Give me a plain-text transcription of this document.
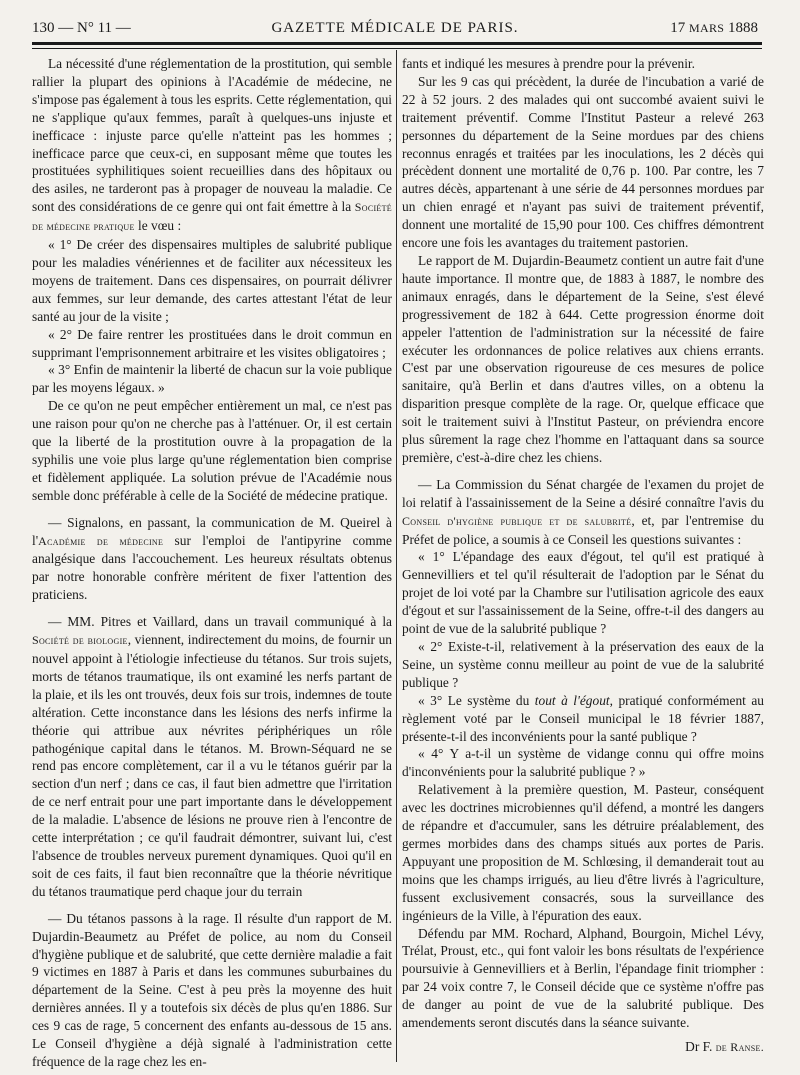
130 — N° 11 —	GAZETTE MÉDICALE DE PARIS.	17 MARS 1888

La nécessité d'une réglementation de la prostitution, qui semble rallier la plupart des opinions à l'Académie de médecine, ne s'impose pas également à tous les esprits. Cette réglementation, qui ne s'applique qu'aux femmes, paraît à quelques-uns injuste et inefficace : injuste parce qu'elle n'atteint pas les hommes ; inefficace parce que ceux-ci, en supposant même que toutes les prostituées syphilitiques soient recueillies dans des hôpitaux ou des asiles, ne tarderont pas à propager de nouveau la maladie. Ce sont des considérations de ce genre qui ont fait émettre à la Société de médecine pratique le vœu :

« 1° De créer des dispensaires multiples de salubrité publique pour les maladies vénériennes et de faciliter aux nécessiteux les moyens de traitement. Dans ces dispensaires, on pourrait délivrer aux femmes, sur leur demande, des cartes attestant l'état de leur santé au jour de la visite ;

« 2° De faire rentrer les prostituées dans le droit commun en supprimant l'emprisonnement arbitraire et les visites obligatoires ;

« 3° Enfin de maintenir la liberté de chacun sur la voie publique par les moyens légaux. »

De ce qu'on ne peut empêcher entièrement un mal, ce n'est pas une raison pour qu'on ne cherche pas à l'atténuer. Or, il est certain que la liberté de la prostitution ouvre à la propagation de la syphilis une voie plus large qu'une réglementation bien comprise et fidèlement appliquée. La solution prévue de l'Académie nous semble donc préférable à celle de la Société de médecine pratique.

— Signalons, en passant, la communication de M. Queirel à l'Académie de médecine sur l'emploi de l'antipyrine comme analgésique dans l'accouchement. Les heureux résultats obtenus par notre honorable confrère méritent de fixer l'attention des praticiens.

— MM. Pitres et Vaillard, dans un travail communiqué à la Société de biologie, viennent, indirectement du moins, de fournir un nouvel appoint à l'étiologie infectieuse du tétanos. Sur trois sujets, morts de tétanos traumatique, ils ont examiné les nerfs partant de la plaie, et ils les ont trouvés, deux fois sur trois, indemnes de toute altération. Cette inconstance dans les lésions des nerfs infirme la théorie qui attribue aux névrites périphériques un rôle pathogénique capital dans le tétanos. M. Brown-Séquard ne se rend pas encore complètement, car il a vu le tétanos guérir par la section d'un nerf ; dans ce cas, il faut bien admettre que l'irritation de ce nerf entrait pour une part importante dans le développement de la maladie. L'absence de lésions ne prouve rien à l'encontre de cette interprétation ; ce qu'il faudrait démontrer, suivant lui, c'est l'absence de troubles nerveux purement dynamiques. Quoi qu'il en soit de ces faits, il faut bien reconnaître que la théorie névritique du tétanos traumatique perd chaque jour du terrain

— Du tétanos passons à la rage. Il résulte d'un rapport de M. Dujardin-Beaumetz au Préfet de police, au nom du Conseil d'hygiène publique et de salubrité, que cette dernière maladie a fait 9 victimes en 1887 à Paris et dans les communes suburbaines du département de la Seine. C'est à peu près la moyenne des huit dernières années. Il y a toutefois six décès de plus qu'en 1886. Sur ces 9 cas de rage, 5 concernent des enfants au-dessous de 15 ans. Le Conseil d'hygiène a déjà signalé à l'administration cette fréquence de la rage chez les en-

fants et indiqué les mesures à prendre pour la prévenir.

Sur les 9 cas qui précèdent, la durée de l'incubation a varié de 22 à 52 jours. 2 des malades qui ont succombé avaient suivi le traitement préventif. Comme l'Institut Pasteur a relevé 263 personnes du département de la Seine mordues par des chiens reconnus enragés et traitées par les inoculations, les 2 décès qui précèdent donnent une mortalité de 0,76 p. 100. Par contre, les 7 autres décès, appartenant à une série de 44 personnes mordues par un chien enragé et n'ayant pas suivi de traitement préventif, donnent une mortalité de 15,90 pour 100. Ces chiffres démontrent encore une fois les avantages du traitement pastorien.

Le rapport de M. Dujardin-Beaumetz contient un autre fait d'une haute importance. Il montre que, de 1883 à 1887, le nombre des animaux enragés, dans le département de la Seine, s'est élevé progressivement de 182 à 644. Cette progression énorme doit appeler l'attention de l'administration sur la nécessité de faire exécuter les ordonnances de police relatives aux chiens errants. C'est par une observation rigoureuse de ces mesures de police sanitaire, qu'à Berlin et dans d'autres villes, on a obtenu la disparition presque complète de la rage. Or, quelque efficace que soit le traitement suivi à l'Institut Pasteur, on préviendra encore plus sûrement la rage chez l'homme en l'attaquant dans sa source première, c'est-à-dire chez les chiens.

— La Commission du Sénat chargée de l'examen du projet de loi relatif à l'assainissement de la Seine a désiré connaître l'avis du Conseil d'hygiène publique et de salubrité, et, par l'entremise du Préfet de police, a soumis à ce Conseil les questions suivantes :

« 1° L'épandage des eaux d'égout, tel qu'il est pratiqué à Gennevilliers et tel qu'il résulterait de l'adoption par le Sénat du projet de loi voté par la Chambre sur l'utilisation agricole des eaux d'égout et sur l'assainissement de la Seine, offre-t-il des dangers au point de vue de la salubrité publique ?

« 2° Existe-t-il, relativement à la préservation des eaux de la Seine, un système connu meilleur au point de vue de la salubrité publique ?

« 3° Le système du tout à l'égout, pratiqué conformément au règlement voté par le Conseil municipal le 18 février 1887, présente-t-il des inconvénients pour la santé publique ?

« 4° Y a-t-il un système de vidange connu qui offre moins d'inconvénients pour la salubrité publique ? »

Relativement à la première question, M. Pasteur, conséquent avec les doctrines microbiennes qu'il défend, a montré les dangers de répandre et d'accumuler, sans les détruire préalablement, des germes morbides dans des champs situés aux portes de Paris. Appuyant une proposition de M. Schlœsing, il demanderait tout au moins que les champs irrigués, au lieu d'être livrés à l'agriculture, fussent exclusivement consacrés, sous la surveillance des ingénieurs de la Ville, à l'épuration des eaux.

Défendu par MM. Rochard, Alphand, Bourgoin, Michel Lévy, Trélat, Proust, etc., qui font valoir les bons résultats de l'expérience poursuivie à Gennevilliers et à Berlin, l'épandage finit triompher : par 24 voix contre 7, le Conseil décide que ce système n'offre pas de danger au point de vue de la salubrité publique. Des amendements seront discutés dans la séance suivante.

Dr F. de Ranse.
